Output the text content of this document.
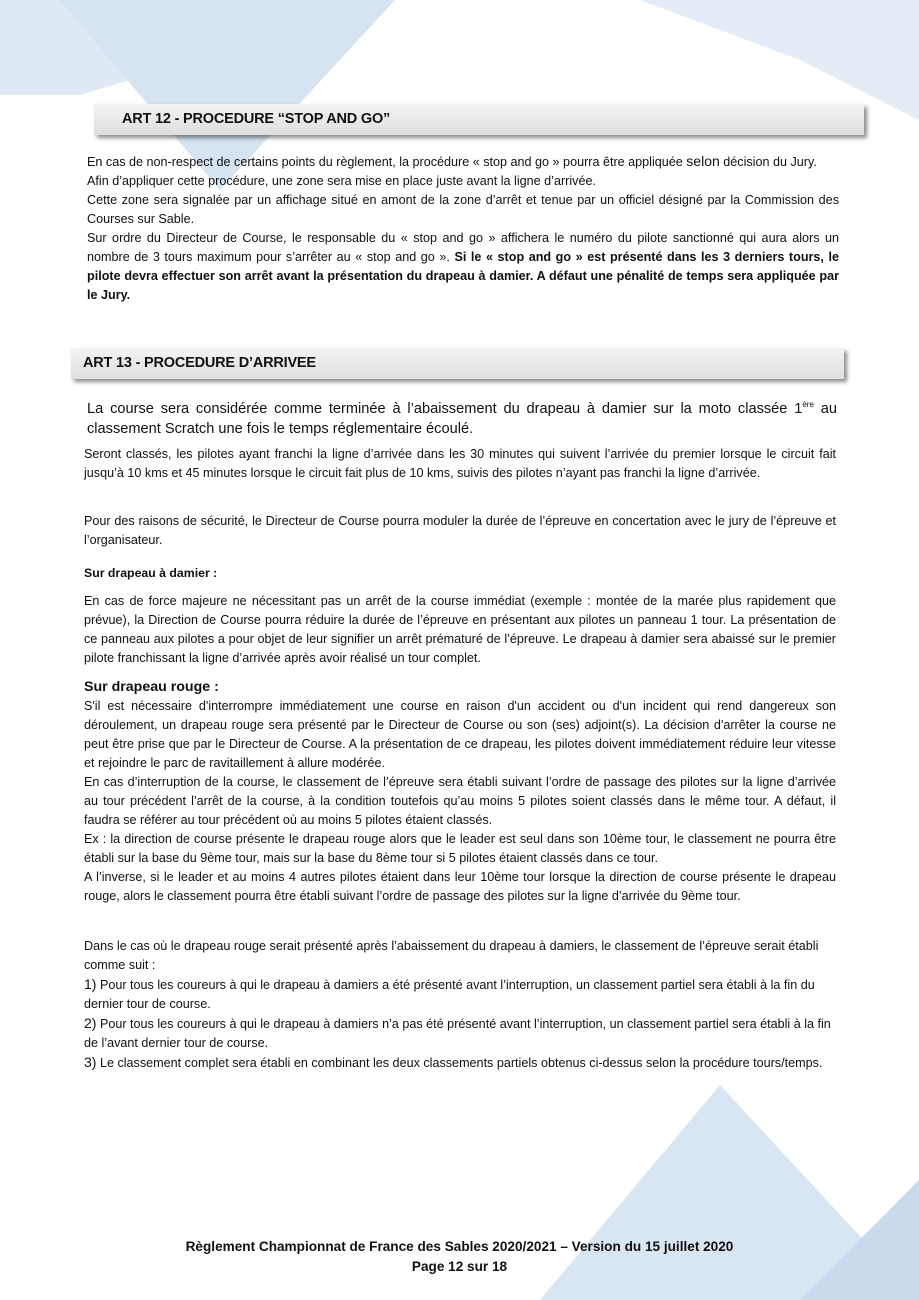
ART 12 - PROCEDURE “STOP AND GO”

En cas de non-respect de certains points du règlement, la procédure « stop and go » pourra être appliquée selon décision du Jury.

Afin d’appliquer cette procédure, une zone sera mise en place juste avant la ligne d’arrivée.

Cette zone sera signalée par un affichage situé en amont de la zone d’arrêt et tenue par un officiel désigné par la Commission des Courses sur Sable.

Sur ordre du Directeur de Course, le responsable du « stop and go » affichera le numéro du pilote sanctionné qui aura alors un nombre de 3 tours maximum pour s’arrêter au « stop and go ». Si le « stop and go » est présenté dans les 3 derniers tours, le pilote devra effectuer son arrêt avant la présentation du drapeau à damier. A défaut une pénalité de temps sera appliquée par le Jury.

ART 13 - PROCEDURE D’ARRIVEE

La course sera considérée comme terminée à l’abaissement du drapeau à damier sur la moto classée 1ère au classement Scratch une fois le temps réglementaire écoulé.

Seront classés, les pilotes ayant franchi la ligne d’arrivée dans les 30 minutes qui suivent l’arrivée du premier lorsque le circuit fait jusqu’à 10 kms et 45 minutes lorsque le circuit fait plus de 10 kms, suivis des pilotes n’ayant pas franchi la ligne d’arrivée.

Pour des raisons de sécurité, le Directeur de Course pourra moduler la durée de l’épreuve en concertation avec le jury de l’épreuve et l’organisateur.

Sur drapeau à damier :

En cas de force majeure ne nécessitant pas un arrêt de la course immédiat (exemple : montée de la marée plus rapidement que prévue), la Direction de Course pourra réduire la durée de l’épreuve en présentant aux pilotes un panneau 1 tour. La présentation de ce panneau aux pilotes a pour objet de leur signifier un arrêt prématuré de l’épreuve. Le drapeau à damier sera abaissé sur le premier pilote franchissant la ligne d’arrivée après avoir réalisé un tour complet.

Sur drapeau rouge :

S'il est nécessaire d'interrompre immédiatement une course en raison d'un accident ou d'un incident qui rend dangereux son déroulement, un drapeau rouge sera présenté par le Directeur de Course ou son (ses) adjoint(s). La décision d'arrêter la course ne peut être prise que par le Directeur de Course. A la présentation de ce drapeau, les pilotes doivent immédiatement réduire leur vitesse et rejoindre le parc de ravitaillement à allure modérée.

En cas d’interruption de la course, le classement de l’épreuve sera établi suivant l’ordre de passage des pilotes sur la ligne d’arrivée au tour précédent l’arrêt de la course, à la condition toutefois qu’au moins 5 pilotes soient classés dans le même tour. A défaut, il faudra se référer au tour précédent où au moins 5 pilotes étaient classés.

Ex : la direction de course présente le drapeau rouge alors que le leader est seul dans son 10ème tour, le classement ne pourra être établi sur la base du 9ème tour, mais sur la base du 8ème tour si 5 pilotes étaient classés dans ce tour.

A l’inverse, si le leader et au moins 4 autres pilotes étaient dans leur 10ème tour lorsque la direction de course présente le drapeau rouge, alors le classement pourra être établi suivant l’ordre de passage des pilotes sur la ligne d’arrivée du 9ème tour.

Dans le cas où le drapeau rouge serait présenté après l’abaissement du drapeau à damiers, le classement de l’épreuve serait établi comme suit :

1) Pour tous les coureurs à qui le drapeau à damiers a été présenté avant l’interruption, un classement partiel sera établi à la fin du dernier tour de course.

2) Pour tous les coureurs à qui le drapeau à damiers n’a pas été présenté avant l’interruption, un classement partiel sera établi à la fin de l’avant dernier tour de course.

3) Le classement complet sera établi en combinant les deux classements partiels obtenus ci-dessus selon la procédure tours/temps.

Règlement Championnat de France des Sables 2020/2021 – Version du 15 juillet 2020
Page 12 sur 18
